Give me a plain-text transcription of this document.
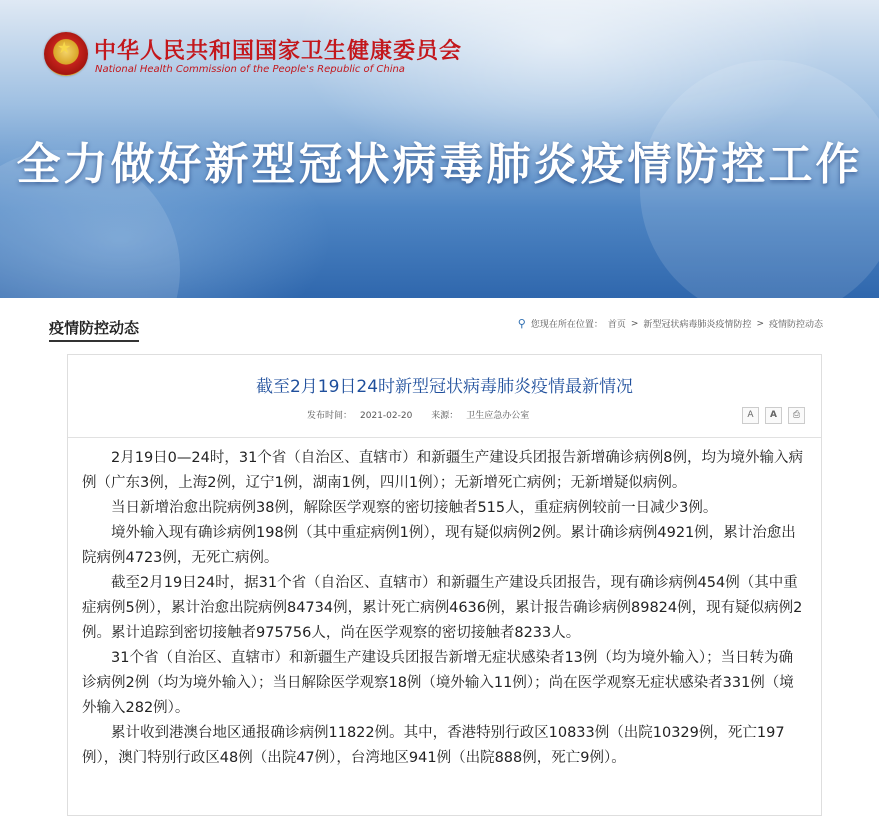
★ 中华人民共和国国家卫生健康委员会
National Health Commission of the People's Republic of China
全力做好新型冠状病毒肺炎疫情防控工作
疫情防控动态	⚲ 您现在所在位置： 首页 > 新型冠状病毒肺炎疫情防控 > 疫情防控动态
截至2月19日24时新型冠状病毒肺炎疫情最新情况
发布时间： 2021-02-20 来源： 卫生应急办公室	A	A	⎙

2月19日0—24时，31个省（自治区、直辖市）和新疆生产建设兵团报告新增确诊病例8例，均为境外输入病例（广东3例，上海2例，辽宁1例，湖南1例，四川1例）；无新增死亡病例；无新增疑似病例。

当日新增治愈出院病例38例，解除医学观察的密切接触者515人，重症病例较前一日减少3例。

境外输入现有确诊病例198例（其中重症病例1例），现有疑似病例2例。累计确诊病例4921例，累计治愈出院病例4723例，无死亡病例。

截至2月19日24时，据31个省（自治区、直辖市）和新疆生产建设兵团报告，现有确诊病例454例（其中重症病例5例），累计治愈出院病例84734例，累计死亡病例4636例，累计报告确诊病例89824例，现有疑似病例2例。累计追踪到密切接触者975756人，尚在医学观察的密切接触者8233人。

31个省（自治区、直辖市）和新疆生产建设兵团报告新增无症状感染者13例（均为境外输入）；当日转为确诊病例2例（均为境外输入）；当日解除医学观察18例（境外输入11例）；尚在医学观察无症状感染者331例（境外输入282例）。

累计收到港澳台地区通报确诊病例11822例。其中，香港特别行政区10833例（出院10329例，死亡197例），澳门特别行政区48例（出院47例），台湾地区941例（出院888例，死亡9例）。
